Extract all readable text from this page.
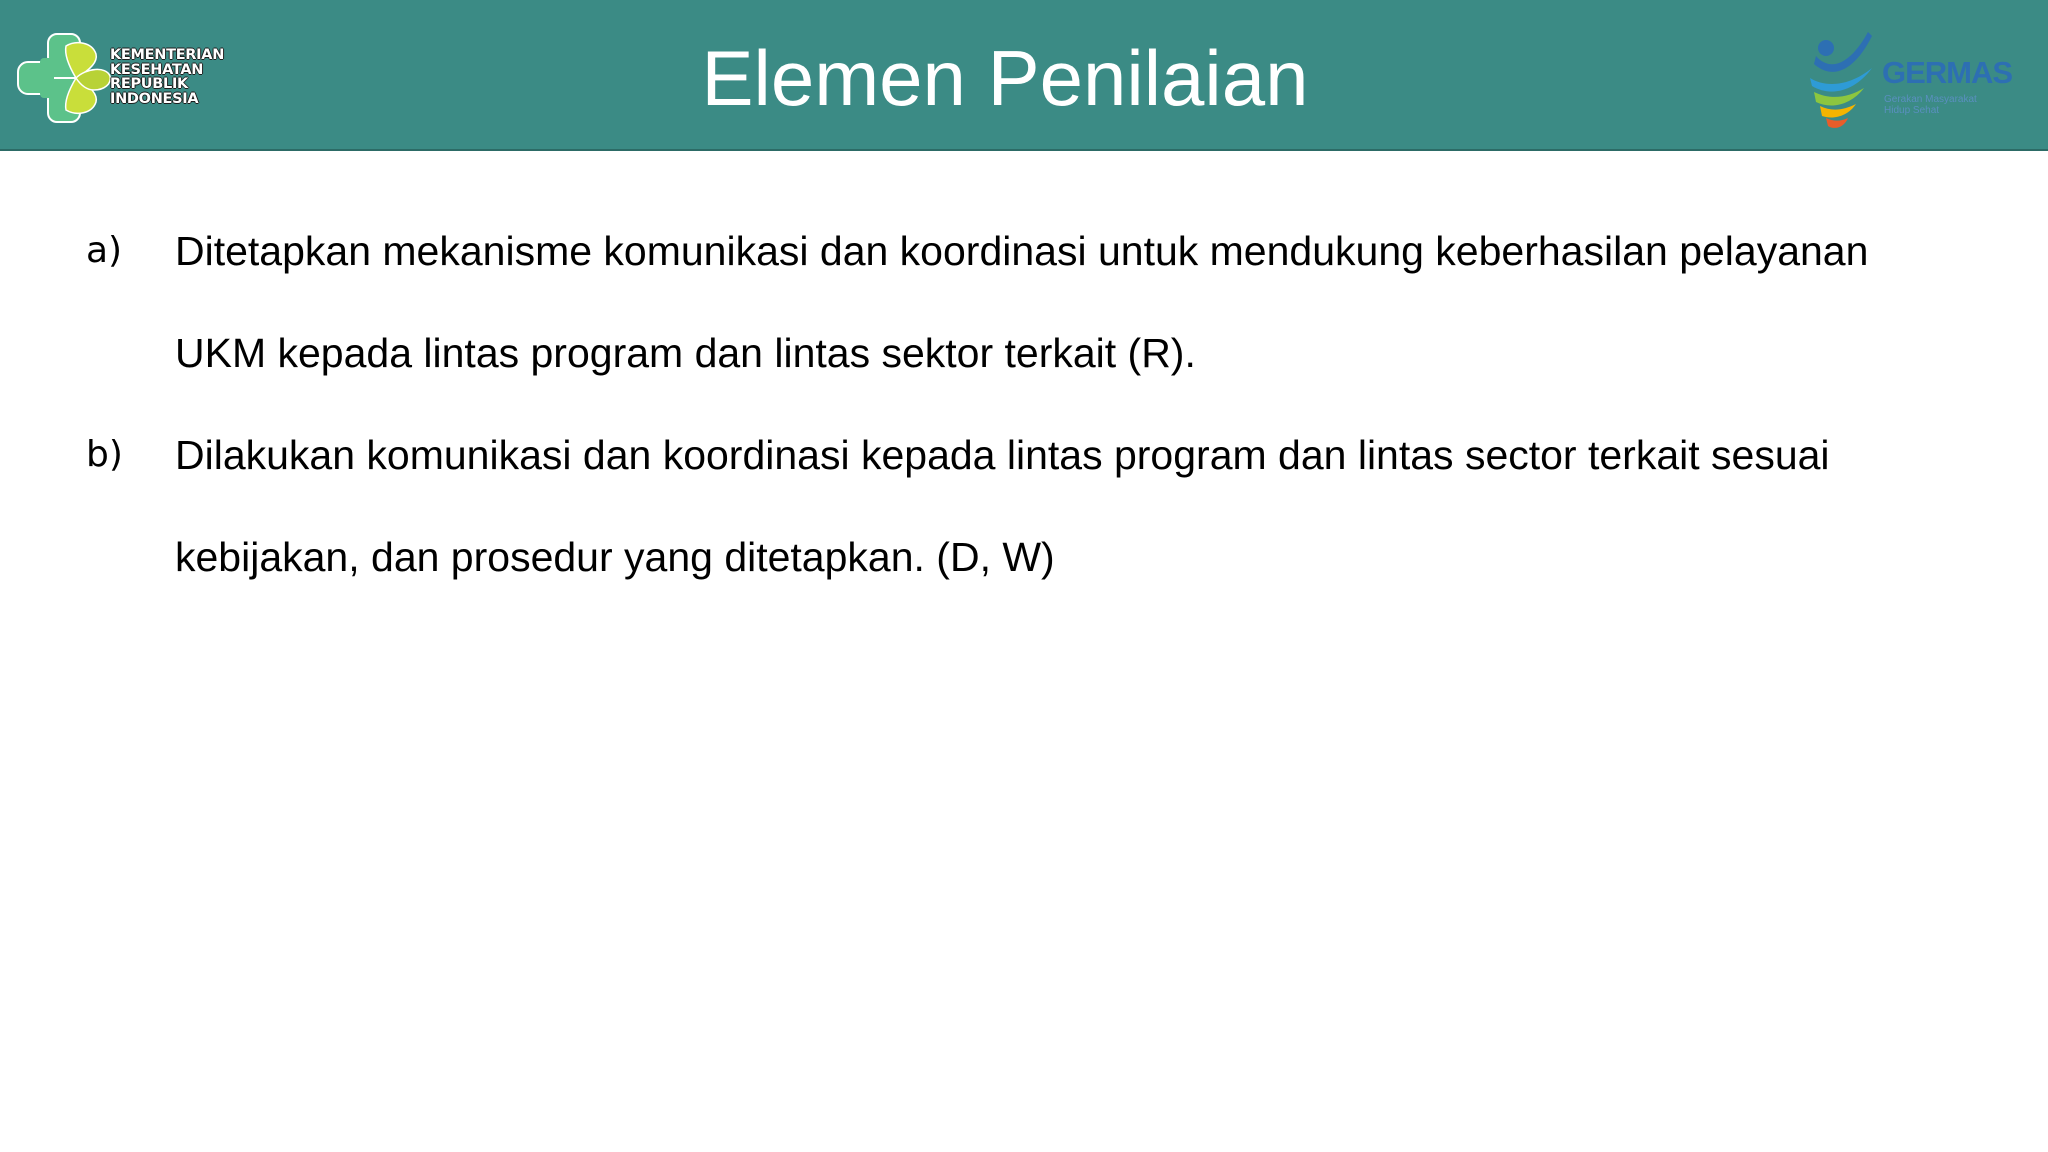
KEMENTERIAN
KESEHATAN
REPUBLIK
INDONESIA	Elemen Penilaian	GERMAS
Gerakan Masyarakat
Hidup Sehat
a) Ditetapkan mekanisme komunikasi dan koordinasi untuk mendukung keberhasilan pelayanan
UKM kepada lintas program dan lintas sektor terkait (R).

b) Dilakukan komunikasi dan koordinasi kepada lintas program dan lintas sector terkait sesuai
kebijakan, dan prosedur yang ditetapkan. (D, W)
